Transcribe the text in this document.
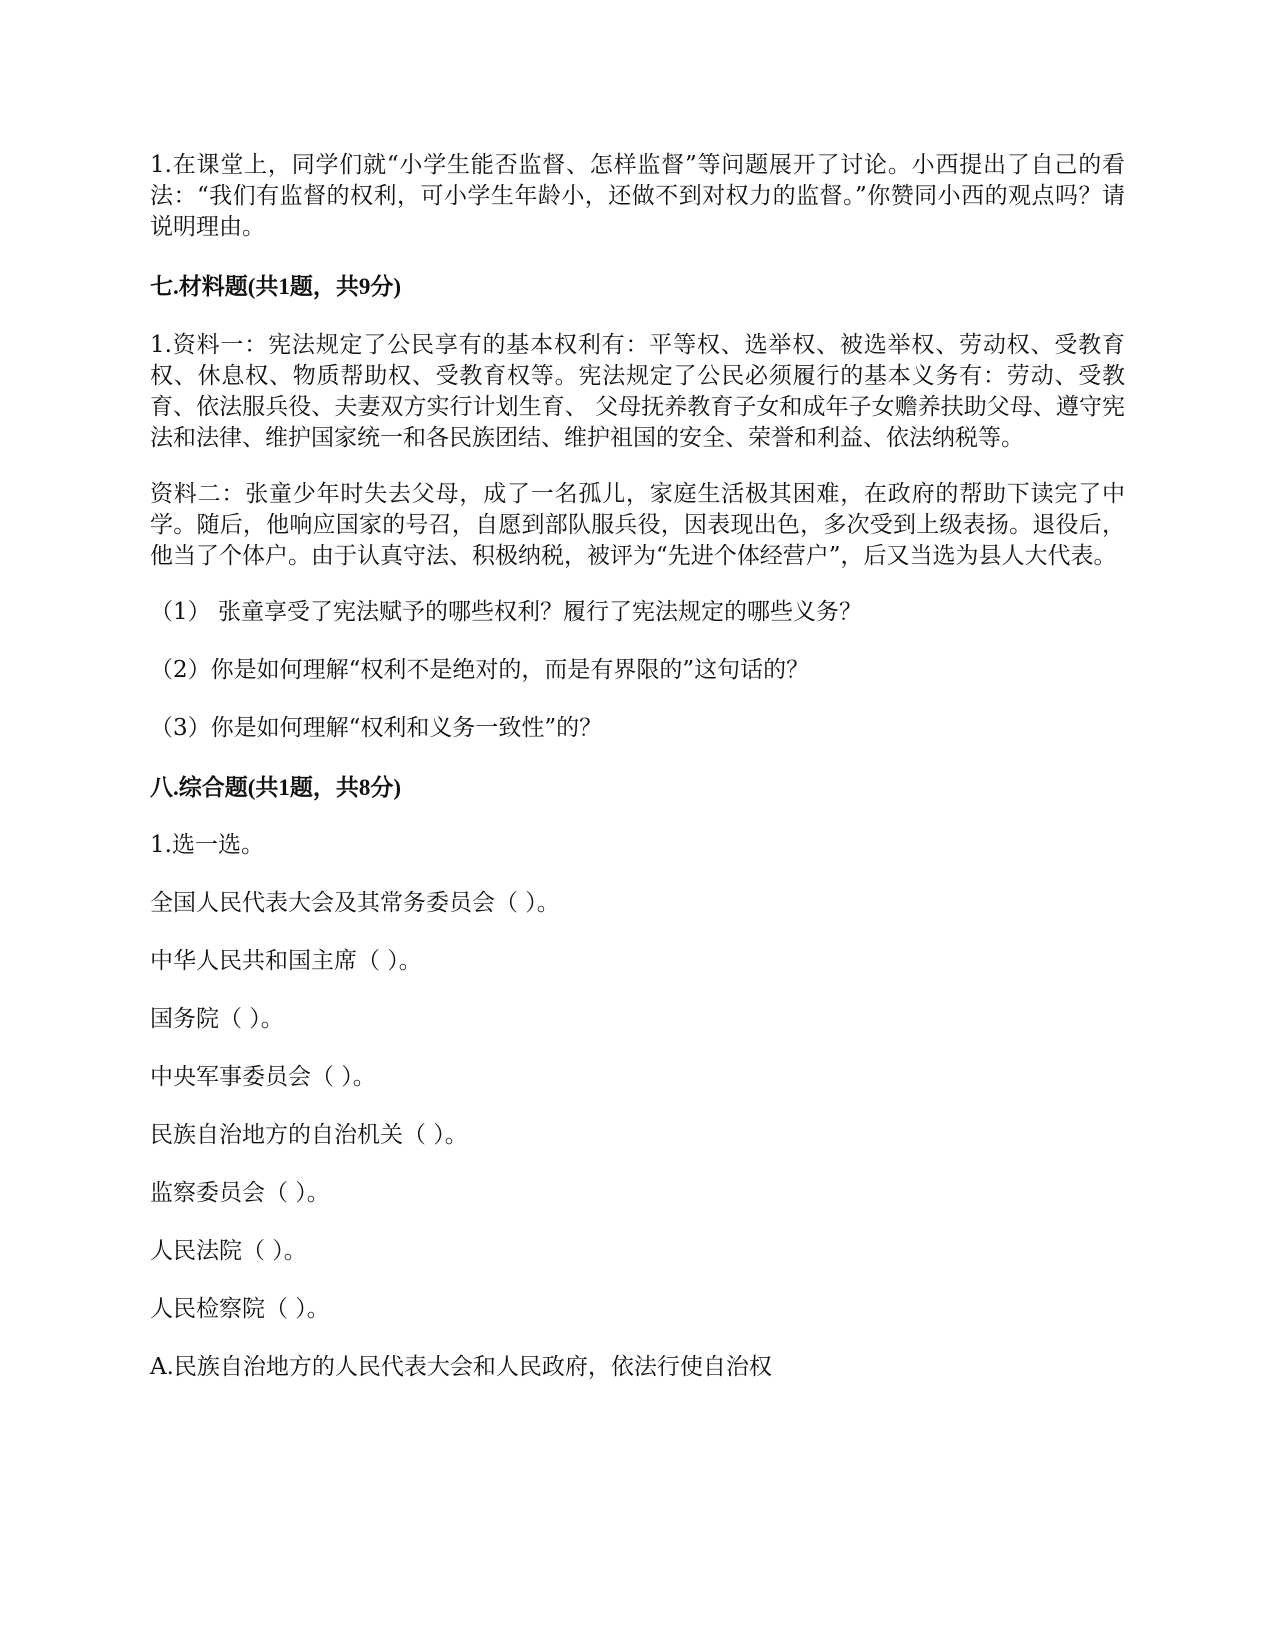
1.在课堂上，同学们就“小学生能否监督、怎样监督”等问题展开了讨论。小西提出了自己的看法：“我们有监督的权利，可小学生年龄小，还做不到对权力的监督。”你赞同小西的观点吗？请说明理由。

七.材料题(共1题，共9分)

1.资料一：宪法规定了公民享有的基本权利有：平等权、选举权、被选举权、劳动权、受教育权、休息权、物质帮助权、受教育权等。宪法规定了公民必须履行的基本义务有：劳动、受教育、依法服兵役、夫妻双方实行计划生育、 父母抚养教育子女和成年子女赡养扶助父母、遵守宪法和法律、维护国家统一和各民族团结、维护祖国的安全、荣誉和利益、依法纳税等。

资料二：张童少年时失去父母，成了一名孤儿，家庭生活极其困难，在政府的帮助下读完了中学。随后，他响应国家的号召，自愿到部队服兵役，因表现出色，多次受到上级表扬。退役后，他当了个体户。由于认真守法、积极纳税，被评为“先进个体经营户”，后又当选为县人大代表。

（1） 张童享受了宪法赋予的哪些权利？履行了宪法规定的哪些义务？

（2）你是如何理解“权利不是绝对的，而是有界限的”这句话的？

（3）你是如何理解“权利和义务一致性”的？

八.综合题(共1题，共8分)

1.选一选。

全国人民代表大会及其常务委员会（ ）。

中华人民共和国主席（ ）。

国务院（ ）。

中央军事委员会（ ）。

民族自治地方的自治机关（ ）。

监察委员会（ ）。

人民法院（ ）。

人民检察院（ ）。

A.民族自治地方的人民代表大会和人民政府，依法行使自治权
